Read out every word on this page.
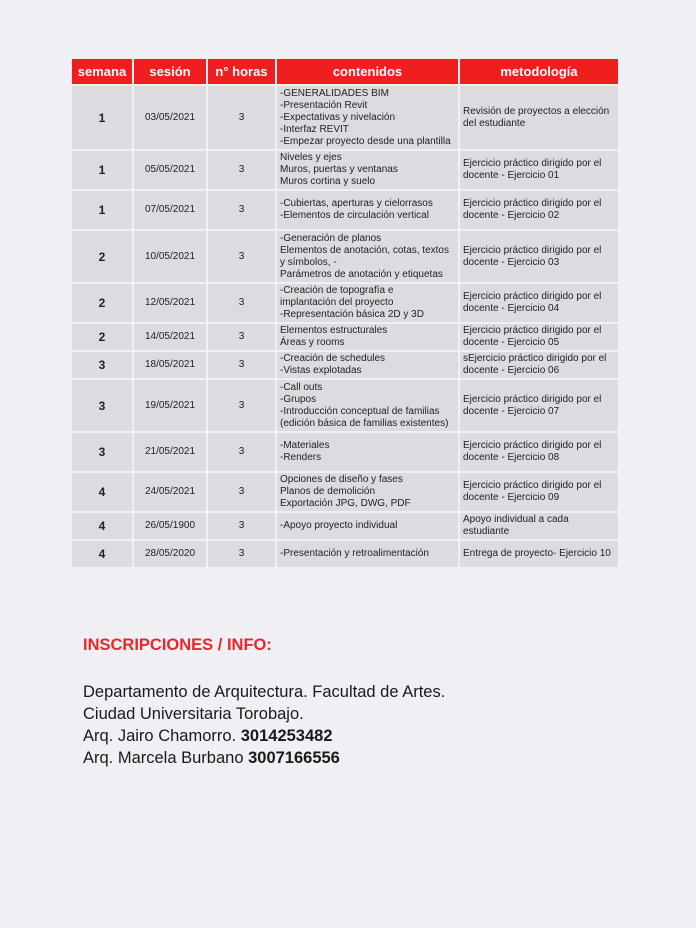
semana	sesión	n° horas	contenidos	metodología
1	03/05/2021	3	-GENERALIDADES BIM
-Presentación Revit
-Expectativas y nivelación
-Interfaz REVIT
-Empezar proyecto desde una plantilla	Revisión de proyectos a elección
del estudiante

1	05/05/2021	3	Niveles y ejes
Muros, puertas y ventanas
Muros cortina y suelo	Ejercicio práctico dirigido por el
docente - Ejercicio 01

1	07/05/2021	3	-Cubiertas, aperturas y cielorrasos
-Elementos de circulación vertical	Ejercicio práctico dirigido por el
docente - Ejercicio 02

2	10/05/2021	3	-Generación de planos
Elementos de anotación, cotas, textos
y símbolos, -
Parámetros de anotación y etiquetas	Ejercicio práctico dirigido por el
docente - Ejercicio 03

2	12/05/2021	3	-Creación de topografía e
implantación del proyecto
-Representación básica 2D y 3D	Ejercicio práctico dirigido por el
docente - Ejercicio 04

2	14/05/2021	3	Elementos estructurales
Áreas y rooms	Ejercicio práctico dirigido por el
docente - Ejercicio 05

3	18/05/2021	3	-Creación de schedules
-Vistas explotadas	sEjercicio práctico dirigido por el
docente - Ejercicio 06

3	19/05/2021	3	-Call outs
-Grupos
-Introducción conceptual de familias
(edición básica de familias existentes)	Ejercicio práctico dirigido por el
docente - Ejercicio 07

3	21/05/2021	3	-Materiales
-Renders	Ejercicio práctico dirigido por el
docente - Ejercicio 08

4	24/05/2021	3	Opciones de diseño y fases
Planos de demolición
Exportación JPG, DWG, PDF	Ejercicio práctico dirigido por el
docente - Ejercicio 09

4	26/05/1900	3	-Apoyo proyecto individual	Apoyo individual a cada
estudiante

4	28/05/2020	3	-Presentación y retroalimentación	Entrega de proyecto- Ejercicio 10
INSCRIPCIONES / INFO:
Departamento de Arquitectura. Facultad de Artes.
Ciudad Universitaria Torobajo.
Arq. Jairo Chamorro. 3014253482
Arq. Marcela Burbano 3007166556
